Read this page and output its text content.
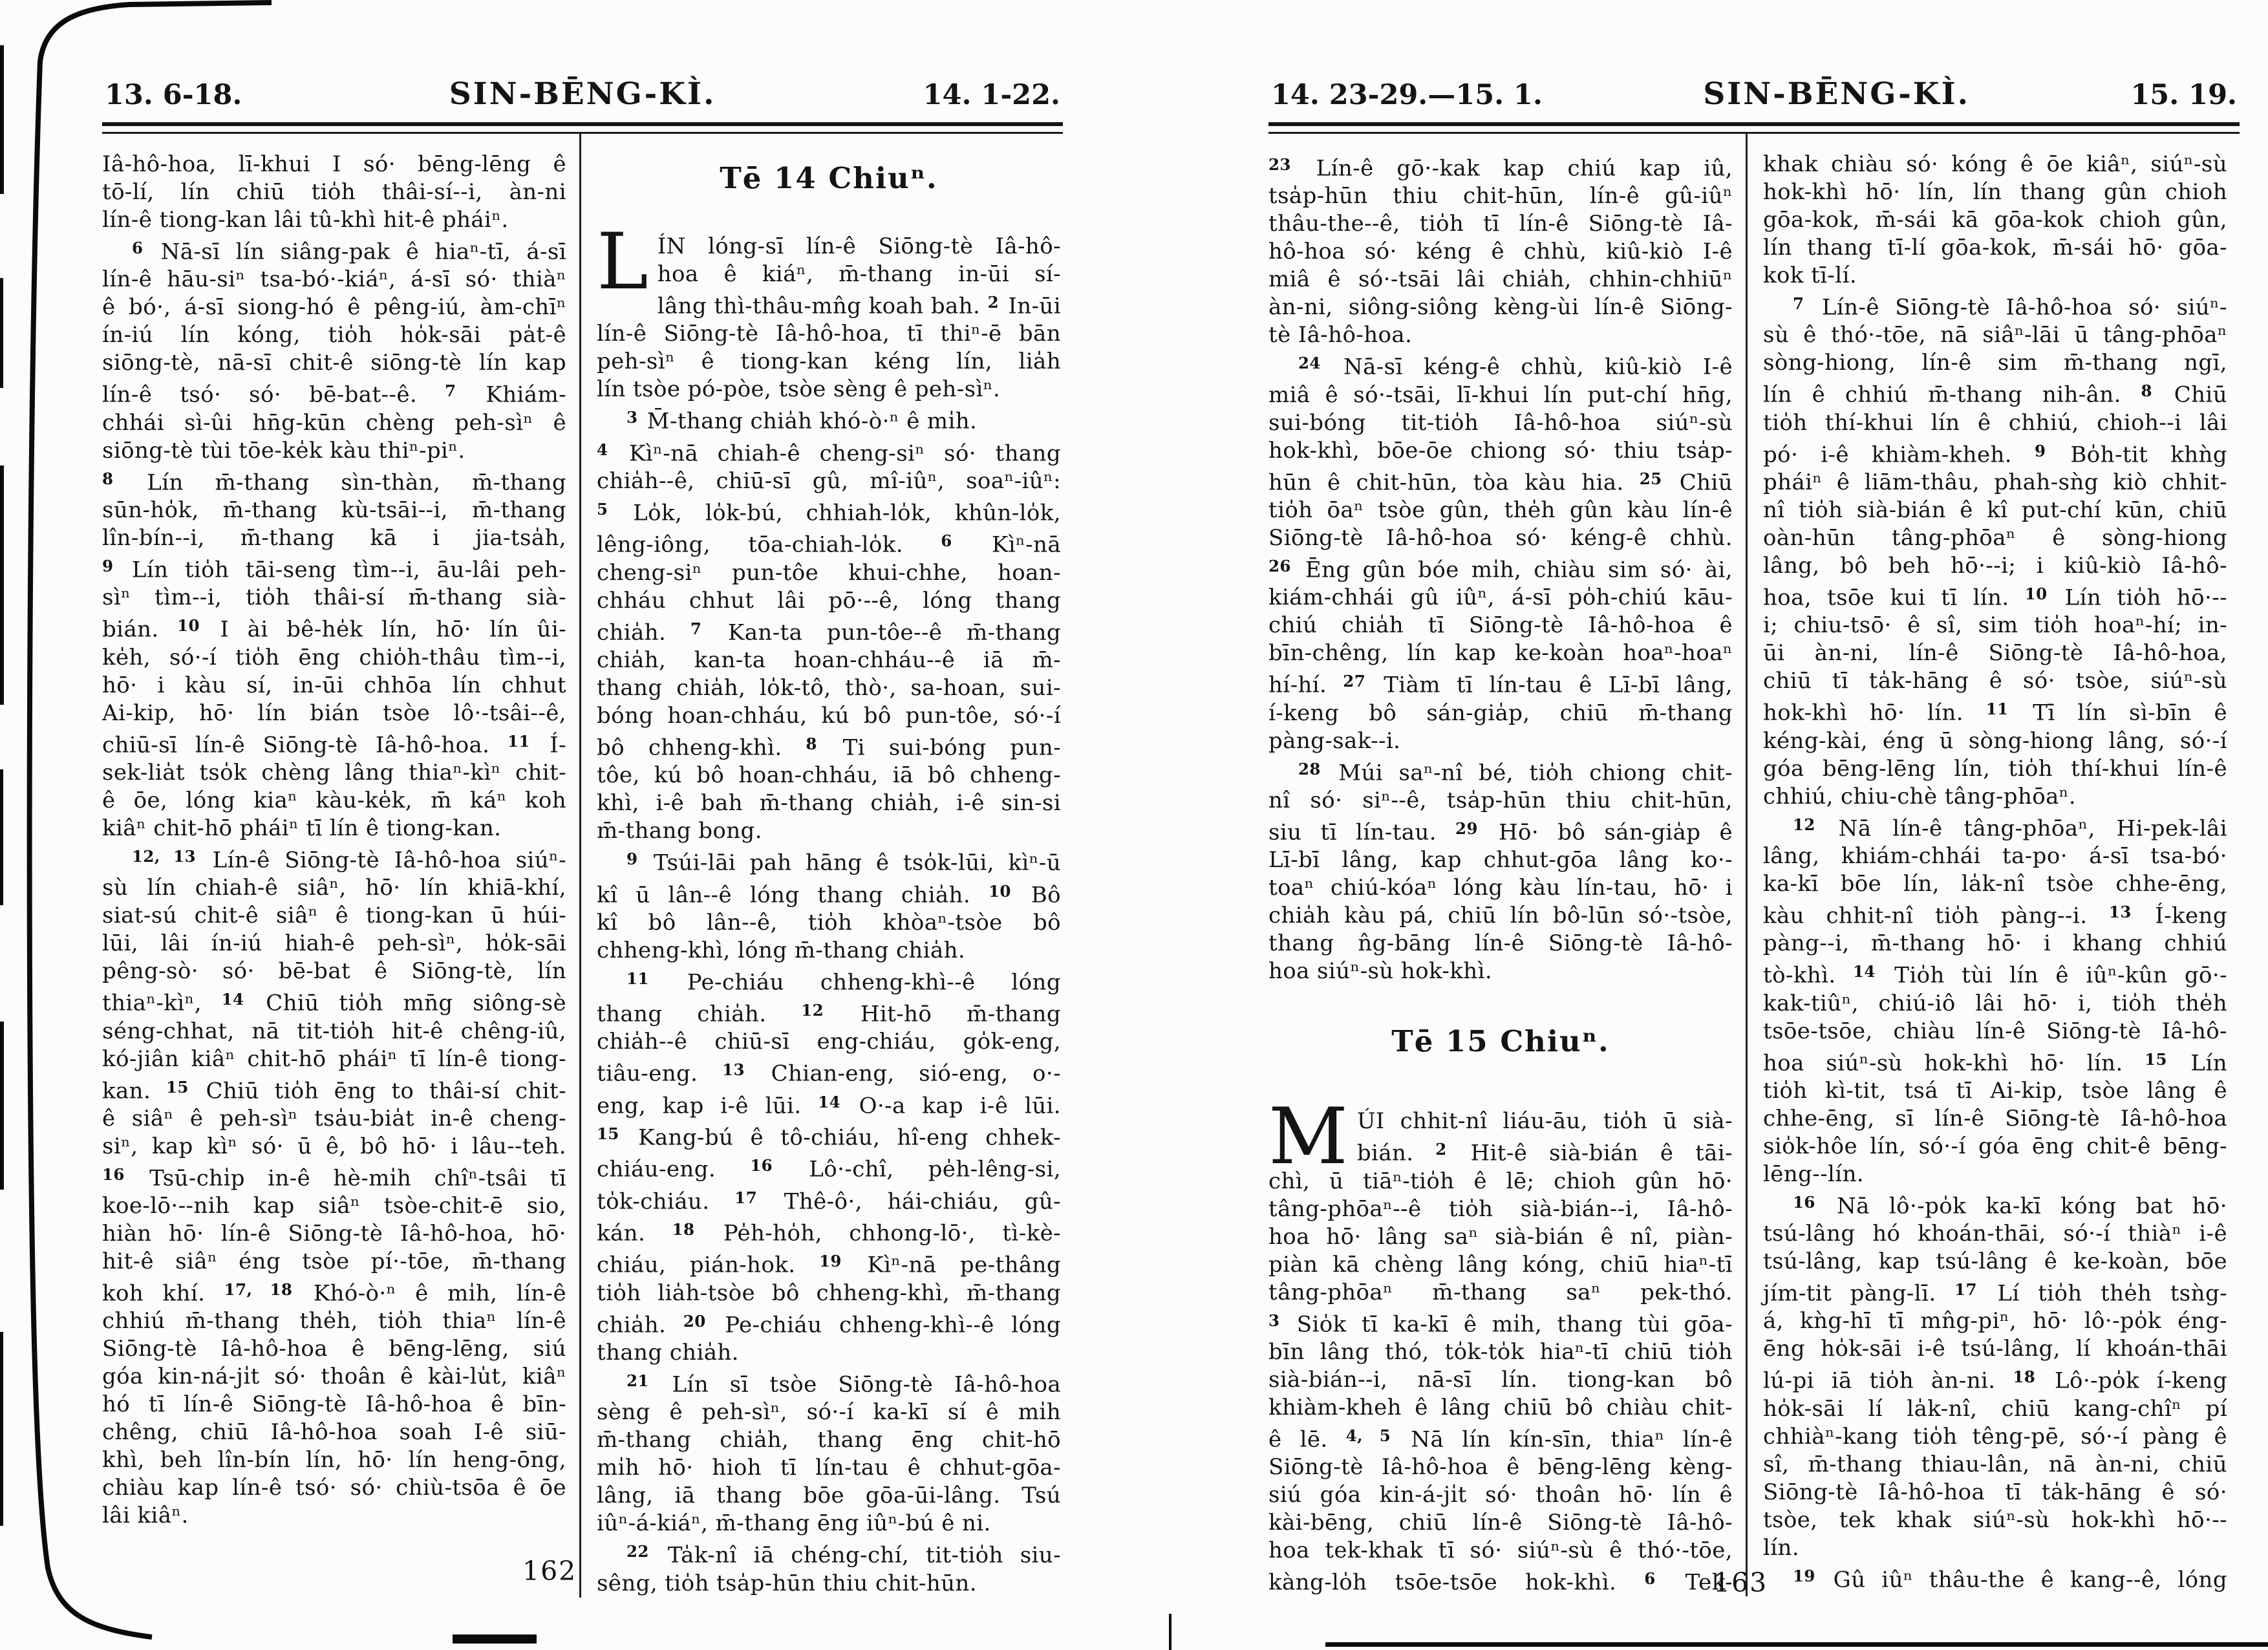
13. 6-18.	SIN-BĒNG-KÌ.	14. 1-22.
Iâ-hô-hoa, lī-khui I só· bēng-lēng ê
tō-lí, lín chiū tio̍h thâi-sí--i, àn-ni
lín-ê tiong-kan lâi tû-khì hit-ê pháiⁿ.
$^6$ Nā-sī lín siâng-pak ê hiaⁿ-tī, á-sī
lín-ê hāu-siⁿ tsa-bó·-kiáⁿ, á-sī só· thiàⁿ
ê bó·, á-sī siong-hó ê pêng-iú, àm-chīⁿ
ín-iú lín kóng, tio̍h ho̍k-sāi pa̍t-ê
siōng-tè, nā-sī chit-ê siōng-tè lín kap
lín-ê tsó· só· bē-bat--ê. $^7$ Khiám-
chhái sì-ûi hn̄g-kūn chèng peh-sìⁿ ê
siōng-tè tùi tōe-ke̍k kàu thiⁿ-piⁿ.
$^8$ Lín m̄-thang sìn-thàn, m̄-thang
sūn-ho̍k, m̄-thang kù-tsāi--i, m̄-thang
lîn-bín--i, m̄-thang kā i jia-tsa̍h,
$^9$ Lín tio̍h tāi-seng tìm--i, āu-lâi peh-
sìⁿ tìm--i, tio̍h thâi-sí m̄-thang sià-
bián. $^{10}$ I ài bê-he̍k lín, hō· lín ûi-
ke̍h, só·-í tio̍h ēng chio̍h-thâu tìm--i,
hō· i kàu sí, in-ūi chhōa lín chhut
Ai-kip, hō· lín bián tsòe lô·-tsâi--ê,
chiū-sī lín-ê Siōng-tè Iâ-hô-hoa. $^{11}$ Í-
sek-lia̍t tso̍k chèng lâng thiaⁿ-kìⁿ chit-
ê ōe, lóng kiaⁿ kàu-ke̍k, m̄ káⁿ koh
kiâⁿ chit-hō pháiⁿ tī lín ê tiong-kan.
$^{12, 13}$ Lín-ê Siōng-tè Iâ-hô-hoa siúⁿ-
sù lín chiah-ê siâⁿ, hō· lín khiā-khí,
siat-sú chit-ê siâⁿ ê tiong-kan ū húi-
lūi, lâi ín-iú hiah-ê peh-sìⁿ, ho̍k-sāi
pêng-sò· só· bē-bat ê Siōng-tè, lín
thiaⁿ-kìⁿ, $^{14}$ Chiū tio̍h mn̄g siông-sè
séng-chhat, nā tit-tio̍h hit-ê chêng-iû,
kó-jiân kiâⁿ chit-hō pháiⁿ tī lín-ê tiong-
kan. $^{15}$ Chiū tio̍h ēng to thâi-sí chit-
ê siâⁿ ê peh-sìⁿ tsa̍u-bia̍t in-ê cheng-
siⁿ, kap kìⁿ só· ū ê, bô hō· i lâu--teh.
$^{16}$ Tsū-chi̍p in-ê hè-mi̍h chîⁿ-tsâi tī
koe-lō·--nih kap siâⁿ tsòe-chit-ē sio,
hiàn hō· lín-ê Siōng-tè Iâ-hô-hoa, hō·
hit-ê siâⁿ éng tsòe pí·-tōe, m̄-thang
koh khí. $^{17, 18}$ Khó-ò·ⁿ ê mi̍h, lín-ê
chhiú m̄-thang the̍h, tio̍h thiaⁿ lín-ê
Siōng-tè Iâ-hô-hoa ê bēng-lēng, siú
góa kin-ná-ji̍t só· thoân ê kài-lu̍t, kiâⁿ
hó tī lín-ê Siōng-tè Iâ-hô-hoa ê bīn-
chêng, chiū Iâ-hô-hoa soah I-ê siū-
khì, beh lîn-bín lín, hō· lín heng-ōng,
chiàu kap lín-ê tsó· só· chiù-tsōa ê ōe
lâi kiâⁿ.
Tē 14 Chiuⁿ.
L ÍN lóng-sī lín-ê Siōng-tè Iâ-hô-
hoa ê kiáⁿ, m̄-thang in-ūi sí-
lâng thì-thâu-mn̂g koah bah. $^2$ In-ūi
lín-ê Siōng-tè Iâ-hô-hoa, tī thiⁿ-ē bān
peh-sìⁿ ê tiong-kan kéng lín, lia̍h
lín tsòe pó-pòe, tsòe sèng ê peh-sìⁿ.
$^3$ M̄-thang chia̍h khó-ò·ⁿ ê mi̍h.
$^4$ Kìⁿ-nā chiah-ê cheng-siⁿ só· thang
chia̍h--ê, chiū-sī gû, mî-iûⁿ, soaⁿ-iûⁿ:
$^5$ Lo̍k, lo̍k-bú, chhiah-lo̍k, khûn-lo̍k,
lêng-iông, tōa-chiah-lo̍k. $^6$ Kìⁿ-nā
cheng-siⁿ pun-tôe khui-chhe, hoan-
chháu chhut lâi pō·--ê, lóng thang
chia̍h. $^7$ Kan-ta pun-tôe--ê m̄-thang
chia̍h, kan-ta hoan-chháu--ê iā m̄-
thang chia̍h, lo̍k-tô, thò·, sa-hoan, sui-
bóng hoan-chháu, kú bô pun-tôe, só·-í
bô chheng-khì. $^8$ Ti sui-bóng pun-
tôe, kú bô hoan-chháu, iā bô chheng-
khì, i-ê bah m̄-thang chia̍h, i-ê sin-si
m̄-thang bong.
$^9$ Tsúi-lāi pah hāng ê tso̍k-lūi, kìⁿ-ū
kî ū lân--ê lóng thang chia̍h. $^{10}$ Bô
kî bô lân--ê, tio̍h khòaⁿ-tsòe bô
chheng-khì, lóng m̄-thang chia̍h.
$^{11}$ Pe-chiáu chheng-khì--ê lóng
thang chia̍h. $^{12}$ Hit-hō m̄-thang
chia̍h--ê chiū-sī eng-chiáu, go̍k-eng,
tiâu-eng. $^{13}$ Chian-eng, sió-eng, o·-
eng, kap i-ê lūi. $^{14}$ O·-a kap i-ê lūi.
$^{15}$ Kang-bú ê tô-chiáu, hî-eng chhek-
chiáu-eng. $^{16}$ Lô·-chî, pe̍h-lêng-si,
to̍k-chiáu. $^{17}$ Thê-ô·, hái-chiáu, gû-
kán. $^{18}$ Pe̍h-ho̍h, chhong-lō·, tì-kè-
chiáu, pián-hok. $^{19}$ Kìⁿ-nā pe-thâng
tio̍h lia̍h-tsòe bô chheng-khì, m̄-thang
chia̍h. $^{20}$ Pe-chiáu chheng-khì--ê lóng
thang chia̍h.
$^{21}$ Lín sī tsòe Siōng-tè Iâ-hô-hoa
sèng ê peh-sìⁿ, só·-í ka-kī sí ê mi̍h
m̄-thang chia̍h, thang ēng chit-hō
mi̍h hō· hioh tī lín-tau ê chhut-gōa-
lâng, iā thang bōe gōa-ūi-lâng. Tsú
iûⁿ-á-kiáⁿ, m̄-thang ēng iûⁿ-bú ê ni.
$^{22}$ Ta̍k-nî iā chéng-chí, tit-tio̍h siu-
sêng, tio̍h tsa̍p-hūn thiu chit-hūn.
14. 23-29.—15. 1.	SIN-BĒNG-KÌ.	15. 19.
$^{23}$ Lín-ê gō·-kak kap chiú kap iû,
tsa̍p-hūn thiu chit-hūn, lín-ê gû-iûⁿ
thâu-the--ê, tio̍h tī lín-ê Siōng-tè Iâ-
hô-hoa só· kéng ê chhù, kiû-kiò I-ê
miâ ê só·-tsāi lâi chia̍h, chhin-chhiūⁿ
àn-ni, siông-siông kèng-ùi lín-ê Siōng-
tè Iâ-hô-hoa.
$^{24}$ Nā-sī kéng-ê chhù, kiû-kiò I-ê
miâ ê só·-tsāi, lī-khui lín put-chí hn̄g,
sui-bóng tit-tio̍h Iâ-hô-hoa siúⁿ-sù
hok-khì, bōe-ōe chiong só· thiu tsa̍p-
hūn ê chit-hūn, tòa kàu hia. $^{25}$ Chiū
tio̍h ōaⁿ tsòe gûn, the̍h gûn kàu lín-ê
Siōng-tè Iâ-hô-hoa só· kéng-ê chhù.
$^{26}$ Ēng gûn bóe mi̍h, chiàu sim só· ài,
kiám-chhái gû iûⁿ, á-sī po̍h-chiú kāu-
chiú chia̍h tī Siōng-tè Iâ-hô-hoa ê
bīn-chêng, lín kap ke-koàn hoaⁿ-hoaⁿ
hí-hí. $^{27}$ Tiàm tī lín-tau ê Lī-bī lâng,
í-keng bô sán-gia̍p, chiū m̄-thang
pàng-sak--i.
$^{28}$ Múi saⁿ-nî bé, tio̍h chiong chit-
nî só· siⁿ--ê, tsa̍p-hūn thiu chit-hūn,
siu tī lín-tau. $^{29}$ Hō· bô sán-gia̍p ê
Lī-bī lâng, kap chhut-gōa lâng ko·-
toaⁿ chiú-kóaⁿ lóng kàu lín-tau, hō· i
chia̍h kàu pá, chiū lín bô-lūn só·-tsòe,
thang n̂g-bāng lín-ê Siōng-tè Iâ-hô-
hoa siúⁿ-sù hok-khì.
Tē 15 Chiuⁿ.
M ÚI chhit-nî liáu-āu, tio̍h ū sià-
bián. $^2$ Hit-ê sià-bián ê tāi-
chì, ū tiāⁿ-tio̍h ê lē; chioh gûn hō·
tâng-phōaⁿ--ê tio̍h sià-bián--i, Iâ-hô-
hoa hō· lâng saⁿ sià-bián ê nî, piàn-
piàn kā chèng lâng kóng, chiū hiaⁿ-tī
tâng-phōaⁿ m̄-thang saⁿ pek-thó.
$^3$ Sio̍k tī ka-kī ê mi̍h, thang tùi gōa-
bīn lâng thó, to̍k-to̍k hiaⁿ-tī chiū tio̍h
sià-bián--i, nā-sī lín. tiong-kan bô
khiàm-kheh ê lâng chiū bô chiàu chit-
ê lē. $^{4, 5}$ Nā lín kín-sīn, thiaⁿ lín-ê
Siōng-tè Iâ-hô-hoa ê bēng-lēng kèng-
siú góa kin-á-ji̍t só· thoân hō· lín ê
kài-bēng, chiū lín-ê Siōng-tè Iâ-hô-
hoa tek-khak tī só· siúⁿ-sù ê thó·-tōe,
kàng-lo̍h tsōe-tsōe hok-khì. $^6$ Tek-
khak chiàu só· kóng ê ōe kiâⁿ, siúⁿ-sù
hok-khì hō· lín, lín thang gûn chioh
gōa-kok, m̄-sái kā gōa-kok chioh gûn,
lín thang tī-lí gōa-kok, m̄-sái hō· gōa-
kok tī-lí.
$^7$ Lín-ê Siōng-tè Iâ-hô-hoa só· siúⁿ-
sù ê thó·-tōe, nā siâⁿ-lāi ū tâng-phōaⁿ
sòng-hiong, lín-ê sim m̄-thang ngī,
lín ê chhiú m̄-thang nih-ân. $^8$ Chiū
tio̍h thí-khui lín ê chhiú, chioh--i lâi
pó· i-ê khiàm-kheh. $^9$ Bo̍h-tit khǹg
pháiⁿ ê liām-thâu, phah-sǹg kiò chhit-
nî tio̍h sià-bián ê kî put-chí kūn, chiū
oàn-hūn tâng-phōaⁿ ê sòng-hiong
lâng, bô beh hō·--i; i kiû-kiò Iâ-hô-
hoa, tsōe kui tī lín. $^{10}$ Lín tio̍h hō·--
i; chiu-tsō· ê sî, sim tio̍h hoaⁿ-hí; in-
ūi àn-ni, lín-ê Siōng-tè Iâ-hô-hoa,
chiū tī ta̍k-hāng ê só· tsòe, siúⁿ-sù
hok-khì hō· lín. $^{11}$ Tī lín sì-bīn ê
kéng-kài, éng ū sòng-hiong lâng, só·-í
góa bēng-lēng lín, tio̍h thí-khui lín-ê
chhiú, chiu-chè tâng-phōaⁿ.
$^{12}$ Nā lín-ê tâng-phōaⁿ, Hi-pek-lâi
lâng, khiám-chhái ta-po· á-sī tsa-bó·
ka-kī bōe lín, la̍k-nî tsòe chhe-ēng,
kàu chhit-nî tio̍h pàng--i. $^{13}$ Í-keng
pàng--i, m̄-thang hō· i khang chhiú
tò-khì. $^{14}$ Tio̍h tùi lín ê iûⁿ-kûn gō·-
kak-tiûⁿ, chiú-iô lâi hō· i, tio̍h the̍h
tsōe-tsōe, chiàu lín-ê Siōng-tè Iâ-hô-
hoa siúⁿ-sù hok-khì hō· lín. $^{15}$ Lín
tio̍h kì-tit, tsá tī Ai-kip, tsòe lâng ê
chhe-ēng, sī lín-ê Siōng-tè Iâ-hô-hoa
sio̍k-hôe lín, só·-í góa ēng chit-ê bēng-
lēng--lín.
$^{16}$ Nā lô·-po̍k ka-kī kóng bat hō·
tsú-lâng hó khoán-thāi, só·-í thiàⁿ i-ê
tsú-lâng, kap tsú-lâng ê ke-koàn, bōe
jím-tit pàng-lī. $^{17}$ Lí tio̍h the̍h tsǹg-
á, kǹg-hī tī mn̂g-piⁿ, hō· lô·-po̍k éng-
ēng ho̍k-sāi i-ê tsú-lâng, lí khoán-thāi
lú-pi iā tio̍h àn-ni. $^{18}$ Lô·-po̍k í-keng
ho̍k-sāi lí la̍k-nî, chiū kang-chîⁿ pí
chhiàⁿ-kang tio̍h têng-pē, só·-í pàng ê
sî, m̄-thang thiau-lân, nā àn-ni, chiū
Siōng-tè Iâ-hô-hoa tī ta̍k-hāng ê só·
tsòe, tek khak siúⁿ-sù hok-khì hō·--
lín.
$^{19}$ Gû iûⁿ thâu-the ê kang--ê, lóng
162	163
